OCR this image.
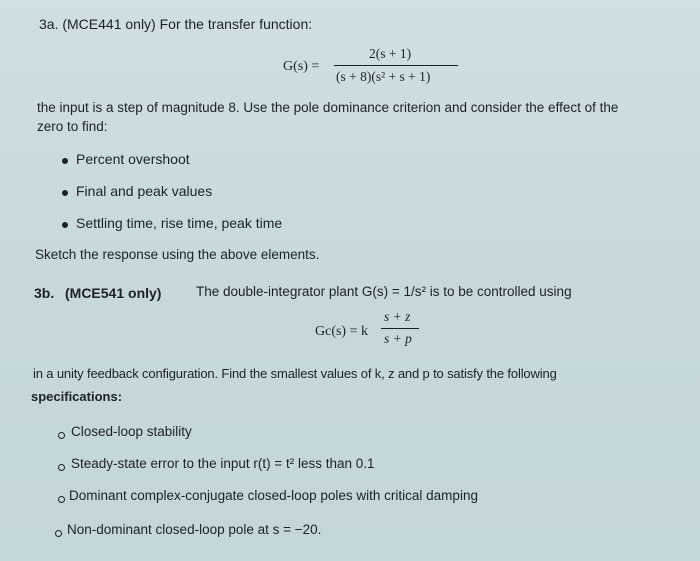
3a. (MCE441 only) For the transfer function:
G(s) =
2(s + 1)
(s + 8)(s² + s + 1)
the input is a step of magnitude 8. Use the pole dominance criterion and consider the effect of the
zero to find:
Percent overshoot
Final and peak values
Settling time, rise time, peak time
Sketch the response using the above elements.
3b. (MCE541 only)	The double-integrator plant G(s) = 1/s² is to be controlled using
Gc(s) = k
s + z
s + p
in a unity feedback configuration. Find the smallest values of k, z and p to satisfy the following
specifications:
Closed-loop stability
Steady-state error to the input r(t) = t² less than 0.1
Dominant complex-conjugate closed-loop poles with critical damping
Non-dominant closed-loop pole at s = −20.
